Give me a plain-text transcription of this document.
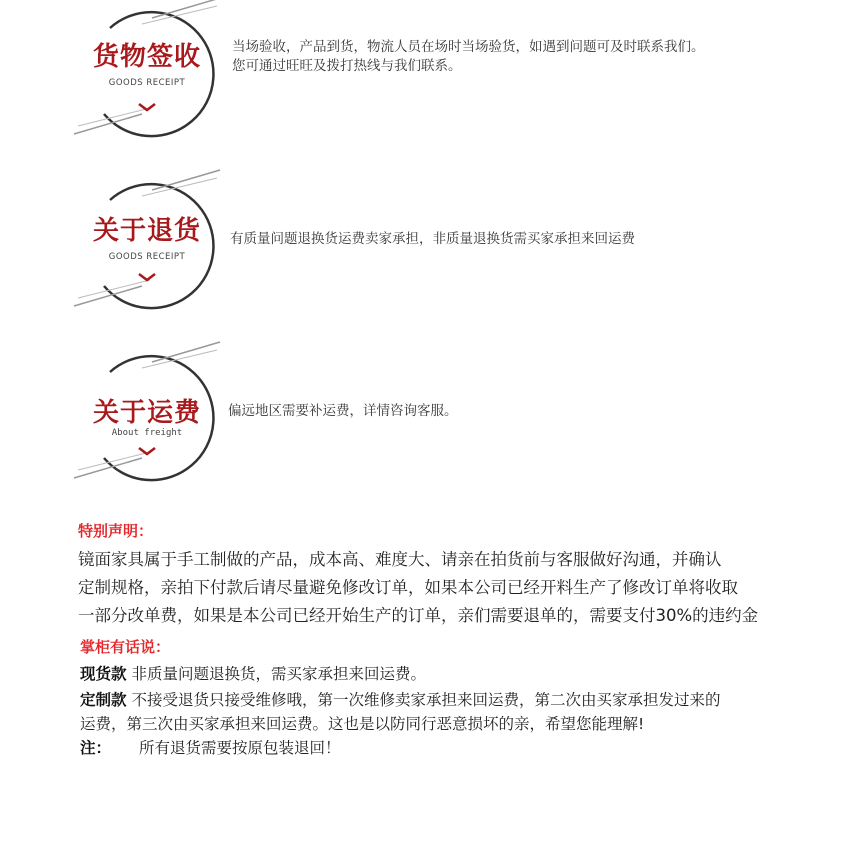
货物签收
GOODS RECEIPT
当场验收，产品到货，物流人员在场时当场验货，如遇到问题可及时联系我们。
您可通过旺旺及拨打热线与我们联系。
关于退货
GOODS RECEIPT
有质量问题退换货运费卖家承担，非质量退换货需买家承担来回运费
关于运费
About freight
偏远地区需要补运费，详情咨询客服。
特别声明：
镜面家具属于手工制做的产品，成本高、难度大、请亲在拍货前与客服做好沟通，并确认
定制规格，亲拍下付款后请尽量避免修改订单，如果本公司已经开料生产了修改订单将收取
一部分改单费，如果是本公司已经开始生产的订单，亲们需要退单的，需要支付30%的违约金
掌柜有话说：
现货款 非质量问题退换货，需买家承担来回运费。
定制款 不接受退货只接受维修哦，第一次维修卖家承担来回运费，第二次由买家承担发过来的
运费，第三次由买家承担来回运费。这也是以防同行恶意损坏的亲，希望您能理解!
注： 所有退货需要按原包装退回！
